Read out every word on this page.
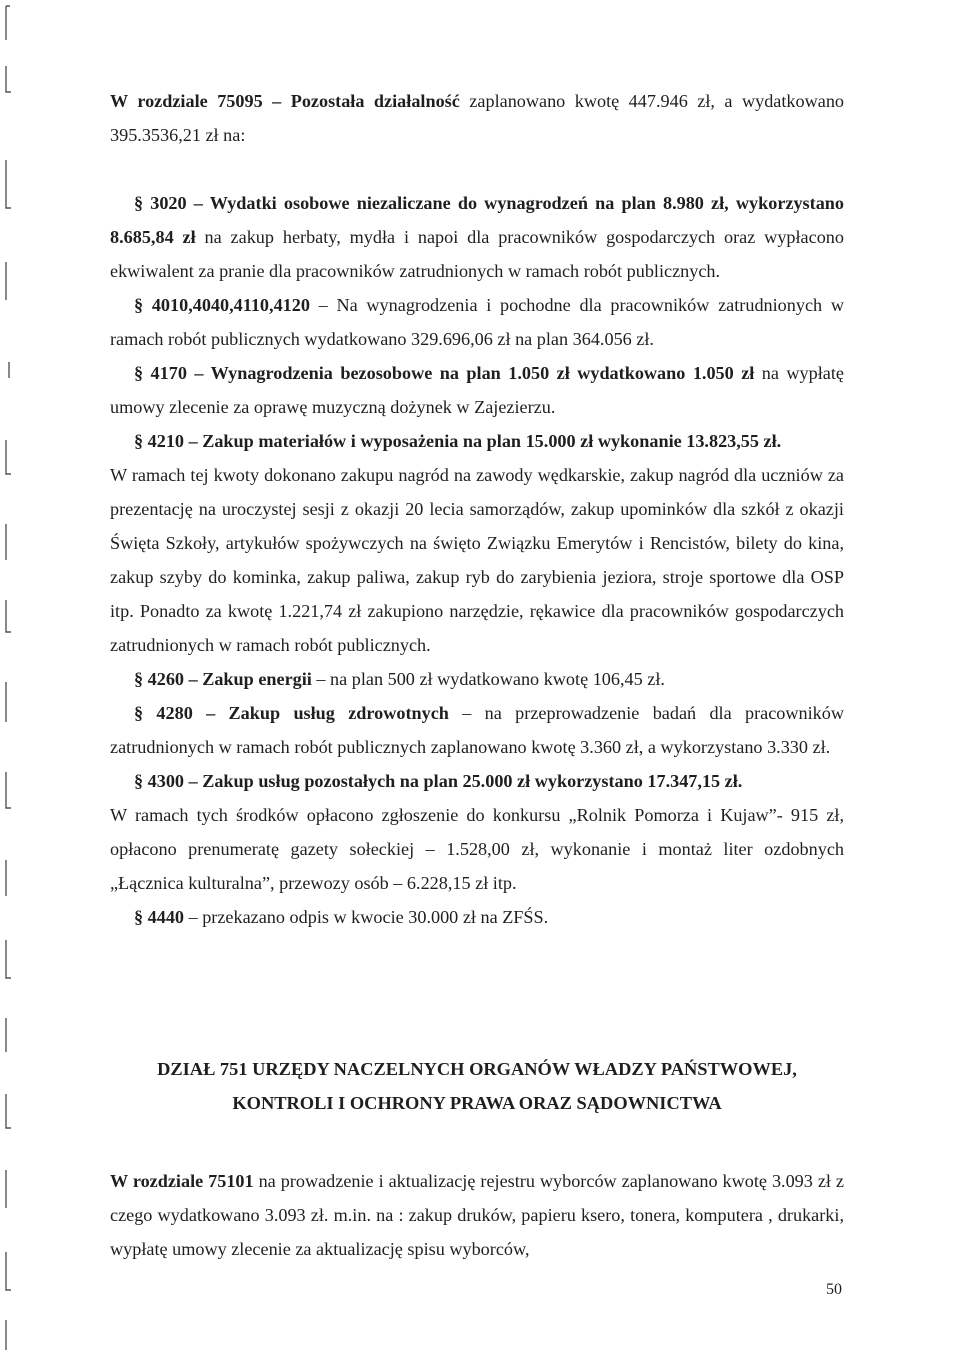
W rozdziale 75095 – Pozostała działalność zaplanowano kwotę 447.946 zł, a wydatkowano 395.3536,21 zł na:

§ 3020 – Wydatki osobowe niezaliczane do wynagrodzeń na plan 8.980 zł, wykorzystano 8.685,84 zł na zakup herbaty, mydła i napoi dla pracowników gospodarczych oraz wypłacono ekwiwalent za pranie dla pracowników zatrudnionych w ramach robót publicznych.

§ 4010,4040,4110,4120 – Na wynagrodzenia i pochodne dla pracowników zatrudnionych w ramach robót publicznych wydatkowano 329.696,06 zł na plan 364.056 zł.

§ 4170 – Wynagrodzenia bezosobowe na plan 1.050 zł wydatkowano 1.050 zł na wypłatę umowy zlecenie za oprawę muzyczną dożynek w Zajezierzu.

§ 4210 – Zakup materiałów i wyposażenia na plan 15.000 zł wykonanie 13.823,55 zł.

W ramach tej kwoty dokonano zakupu nagród na zawody wędkarskie, zakup nagród dla uczniów za prezentację na uroczystej sesji z okazji 20 lecia samorządów, zakup upominków dla szkół z okazji Święta Szkoły, artykułów spożywczych na święto Związku Emerytów i Rencistów, bilety do kina, zakup szyby do kominka, zakup paliwa, zakup ryb do zarybienia jeziora, stroje sportowe dla OSP itp. Ponadto za kwotę 1.221,74 zł zakupiono narzędzie, rękawice dla pracowników gospodarczych zatrudnionych w ramach robót publicznych.

§ 4260 – Zakup energii – na plan 500 zł wydatkowano kwotę 106,45 zł.

§ 4280 – Zakup usług zdrowotnych – na przeprowadzenie badań dla pracowników zatrudnionych w ramach robót publicznych zaplanowano kwotę 3.360 zł, a wykorzystano 3.330 zł.

§ 4300 – Zakup usług pozostałych na plan 25.000 zł wykorzystano 17.347,15 zł.

W ramach tych środków opłacono zgłoszenie do konkursu „Rolnik Pomorza i Kujaw”- 915 zł, opłacono prenumeratę gazety sołeckiej – 1.528,00 zł, wykonanie i montaż liter ozdobnych „Łącznica kulturalna”, przewozy osób – 6.228,15 zł itp.

§ 4440 – przekazano odpis w kwocie 30.000 zł na ZFŚS.

DZIAŁ 751 URZĘDY NACZELNYCH ORGANÓW WŁADZY PAŃSTWOWEJ,

KONTROLI I OCHRONY PRAWA ORAZ SĄDOWNICTWA

W rozdziale 75101 na prowadzenie i aktualizację rejestru wyborców zaplanowano kwotę 3.093 zł z czego wydatkowano 3.093 zł. m.in. na : zakup druków, papieru ksero, tonera, komputera , drukarki, wypłatę umowy zlecenie za aktualizację spisu wyborców,

50
